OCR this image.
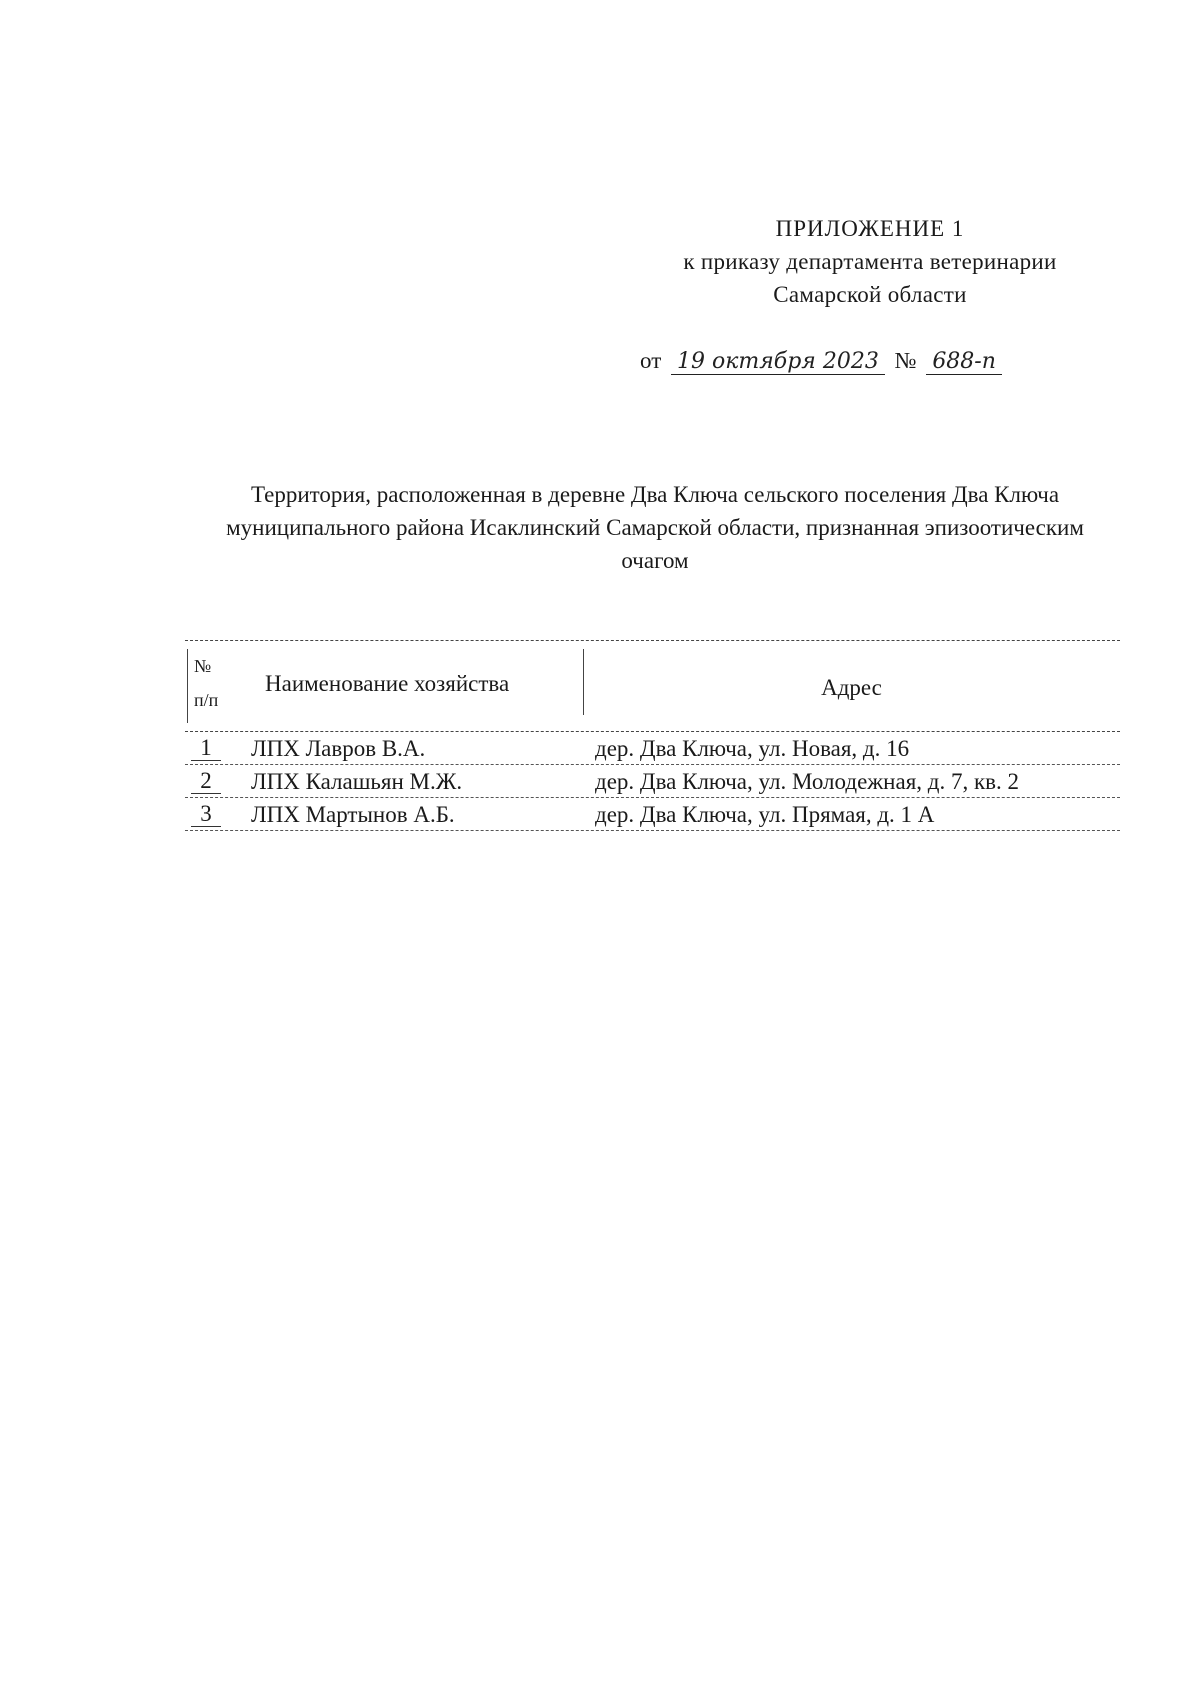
ПРИЛОЖЕНИЕ 1
к приказу департамента ветеринарии
Самарской области
от 19 октября 2023 № 688-п
Территория, расположенная в деревне Два Ключа сельского поселения Два Ключа муниципального района Исаклинский Самарской области, признанная эпизоотическим очагом
№
п/п
Наименование хозяйства	Адрес
1	ЛПХ Лавров В.А.	дер. Два Ключа, ул. Новая, д. 16
2	ЛПХ Калашьян М.Ж.	дер. Два Ключа, ул. Молодежная, д. 7, кв. 2
3	ЛПХ Мартынов А.Б.	дер. Два Ключа, ул. Прямая, д. 1 А
